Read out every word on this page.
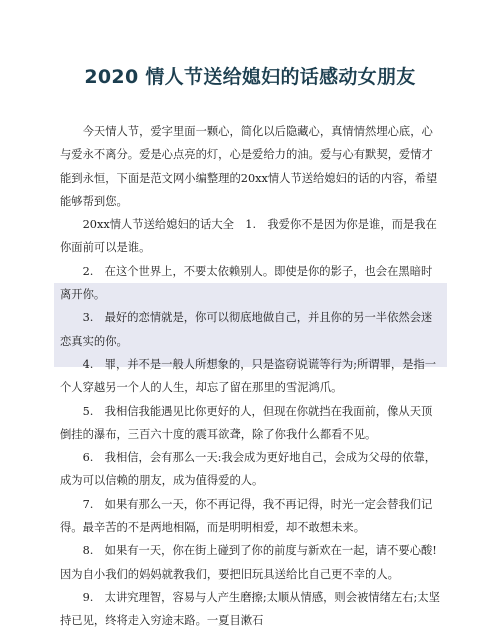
2020 情人节送给媳妇的话感动女朋友

今天情人节，爱字里面一颗心，简化以后隐藏心，真情情然埋心底，心与爱永不离分。爱是心点亮的灯，心是爱给力的油。爱与心有默契，爱情才能到永恒，下面是范文网小编整理的20xx情人节送给媳妇的话的内容，希望能够帮到您。

20xx情人节送给媳妇的话大全　1.　我爱你不是因为你是谁，而是我在你面前可以是谁。

2.　在这个世界上，不要太依赖别人。即使是你的影子，也会在黑暗时离开你。

3.　最好的恋情就是，你可以彻底地做自己，并且你的另一半依然会迷恋真实的你。

4.　罪，并不是一般人所想象的，只是盗窃说谎等行为;所谓罪，是指一个人穿越另一个人的人生，却忘了留在那里的雪泥鸿爪。

5.　我相信我能遇见比你更好的人，但现在你就挡在我面前，像从天顶倒挂的瀑布，三百六十度的震耳欲聋，除了你我什么都看不见。

6.　我相信，会有那么一天:我会成为更好地自己，会成为父母的依靠，成为可以信赖的朋友，成为值得爱的人。

7.　如果有那么一天，你不再记得，我不再记得，时光一定会替我们记得。最辛苦的不是两地相隔，而是明明相爱，却不敢想未来。

8.　如果有一天，你在街上碰到了你的前度与新欢在一起，请不要心酸!因为自小我们的妈妈就教我们，要把旧玩具送给比自己更不幸的人。

9.　太讲究理智，容易与人产生磨擦;太顺从情感，则会被情绪左右;太坚持已见，终将走入穷途末路。一夏目漱石
